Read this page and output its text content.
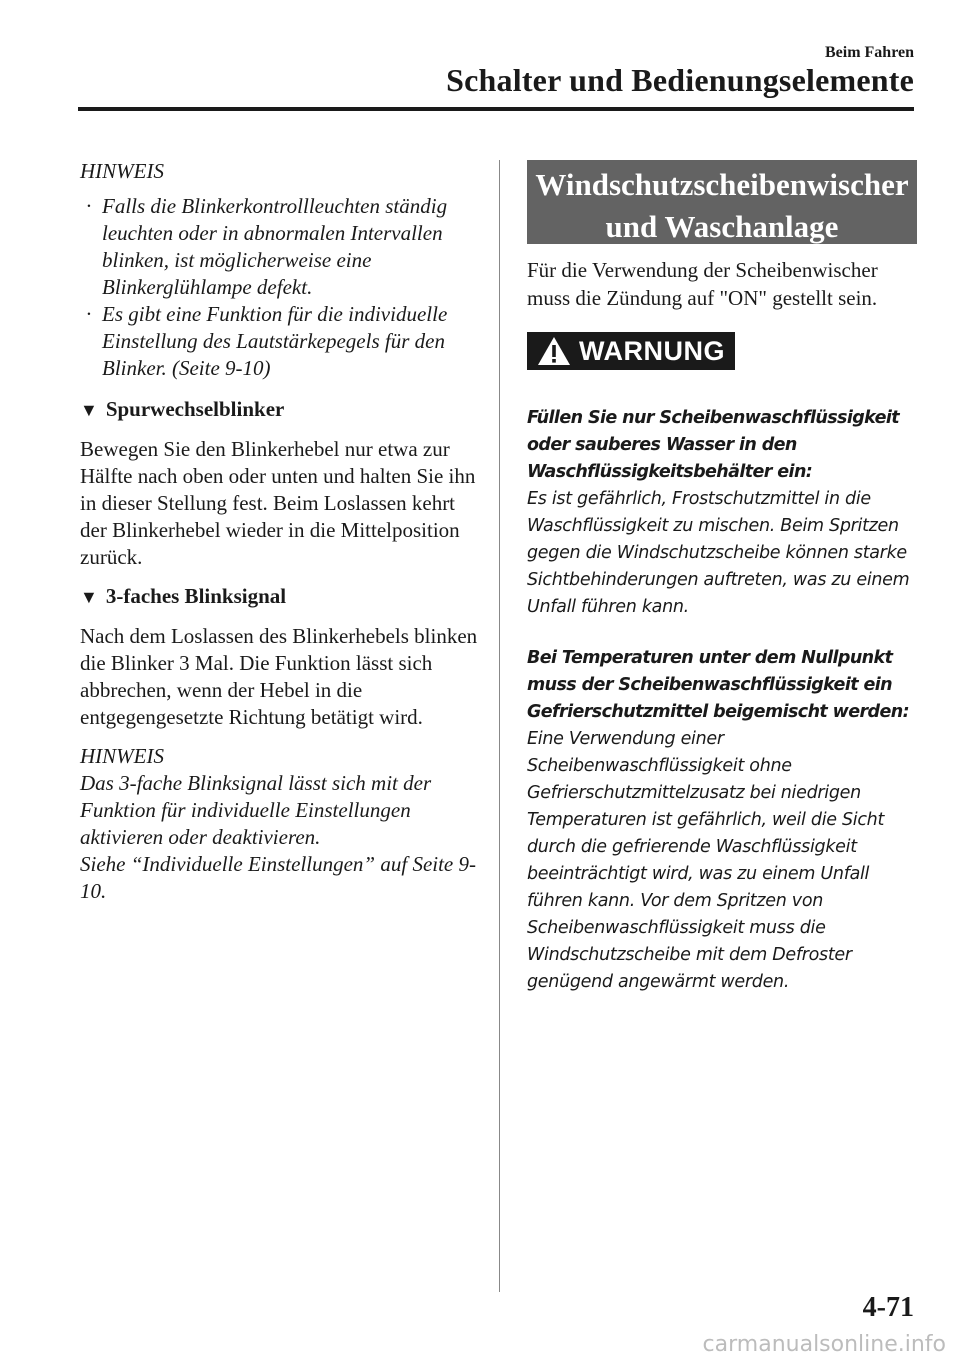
Beim Fahren
Schalter und Bedienungselemente
HINWEIS
· Falls die Blinkerkontrollleuchten ständig leuchten oder in abnormalen Intervallen blinken, ist möglicherweise eine Blinkerglühlampe defekt.
· Es gibt eine Funktion für die individuelle Einstellung des Lautstärkepegels für den Blinker. (Seite 9-10)
▼ Spurwechselblinker

Bewegen Sie den Blinkerhebel nur etwa zur Hälfte nach oben oder unten und halten Sie ihn in dieser Stellung fest. Beim Loslassen kehrt der Blinkerhebel wieder in die Mittelposition zurück.

▼ 3-faches Blinksignal

Nach dem Loslassen des Blinkerhebels blinken die Blinker 3 Mal. Die Funktion lässt sich abbrechen, wenn der Hebel in die entgegengesetzte Richtung betätigt wird.

HINWEIS

Das 3-fache Blinksignal lässt sich mit der Funktion für individuelle Einstellungen aktivieren oder deaktivieren.

Siehe “Individuelle Einstellungen” auf Seite 9-10.

Windschutzscheibenwischer
und Waschanlage

Für die Verwendung der Scheibenwischer muss die Zündung auf "ON" gestellt sein.

WARNUNG
Füllen Sie nur Scheibenwaschflüssigkeit oder sauberes Wasser in den Waschflüssigkeitsbehälter ein:
Es ist gefährlich, Frostschutzmittel in die Waschflüssigkeit zu mischen. Beim Spritzen gegen die Windschutzscheibe können starke Sichtbehinderungen auftreten, was zu einem Unfall führen kann.
Bei Temperaturen unter dem Nullpunkt muss der Scheibenwaschflüssigkeit ein Gefrierschutzmittel beigemischt werden:
Eine Verwendung einer Scheibenwaschflüssigkeit ohne Gefrierschutzmittelzusatz bei niedrigen Temperaturen ist gefährlich, weil die Sicht durch die gefrierende Waschflüssigkeit beeinträchtigt wird, was zu einem Unfall führen kann. Vor dem Spritzen von Scheibenwaschflüssigkeit muss die Windschutzscheibe mit dem Defroster genügend angewärmt werden.
4-71
carmanualsonline.info
